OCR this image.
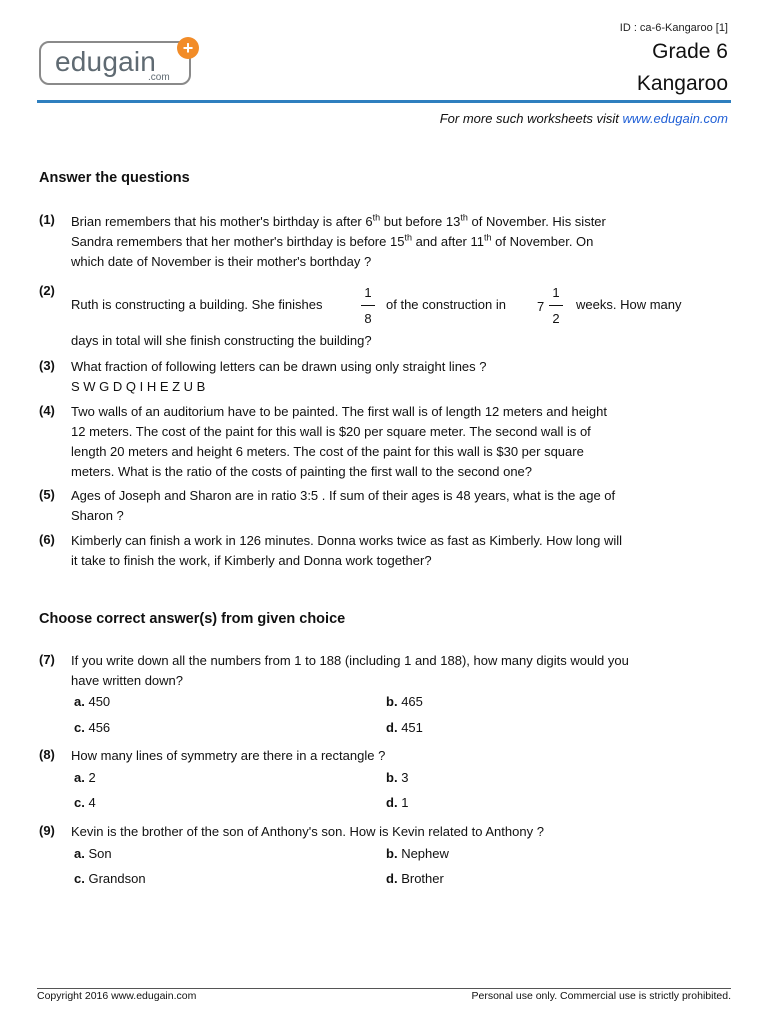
ID : ca-6-Kangaroo [1]
Grade 6
Kangaroo
edugain
.com
+
For more such worksheets visit www.edugain.com
Answer the questions
(1) Brian remembers that his mother's birthday is after 6th but before 13th of November. His sister
Sandra remembers that her mother's birthday is before 15th and after 11th of November. On
which date of November is their mother's borthday ?
(2)
Ruth is constructing a building. She finishes
1
8
of the construction in 7
1
2
weeks. How many
days in total will she finish constructing the building?
(3) What fraction of following letters can be drawn using only straight lines ?
S W G D Q I H E Z U B
(4) Two walls of an auditorium have to be painted. The first wall is of length 12 meters and height
12 meters. The cost of the paint for this wall is $20 per square meter. The second wall is of
length 20 meters and height 6 meters. The cost of the paint for this wall is $30 per square
meters. What is the ratio of the costs of painting the first wall to the second one?
(5) Ages of Joseph and Sharon are in ratio 3:5 . If sum of their ages is 48 years, what is the age of
Sharon ?
(6) Kimberly can finish a work in 126 minutes. Donna works twice as fast as Kimberly. How long will
it take to finish the work, if Kimberly and Donna work together?
Choose correct answer(s) from given choice
(7) If you write down all the numbers from 1 to 188 (including 1 and 188), how many digits would you
have written down?
a. 450	b. 465
c. 456	d. 451
(8) How many lines of symmetry are there in a rectangle ?
a. 2	b. 3
c. 4	d. 1
(9) Kevin is the brother of the son of Anthony's son. How is Kevin related to Anthony ?
a. Son	b. Nephew
c. Grandson	d. Brother
Copyright 2016 www.edugain.com	Personal use only. Commercial use is strictly prohibited.
